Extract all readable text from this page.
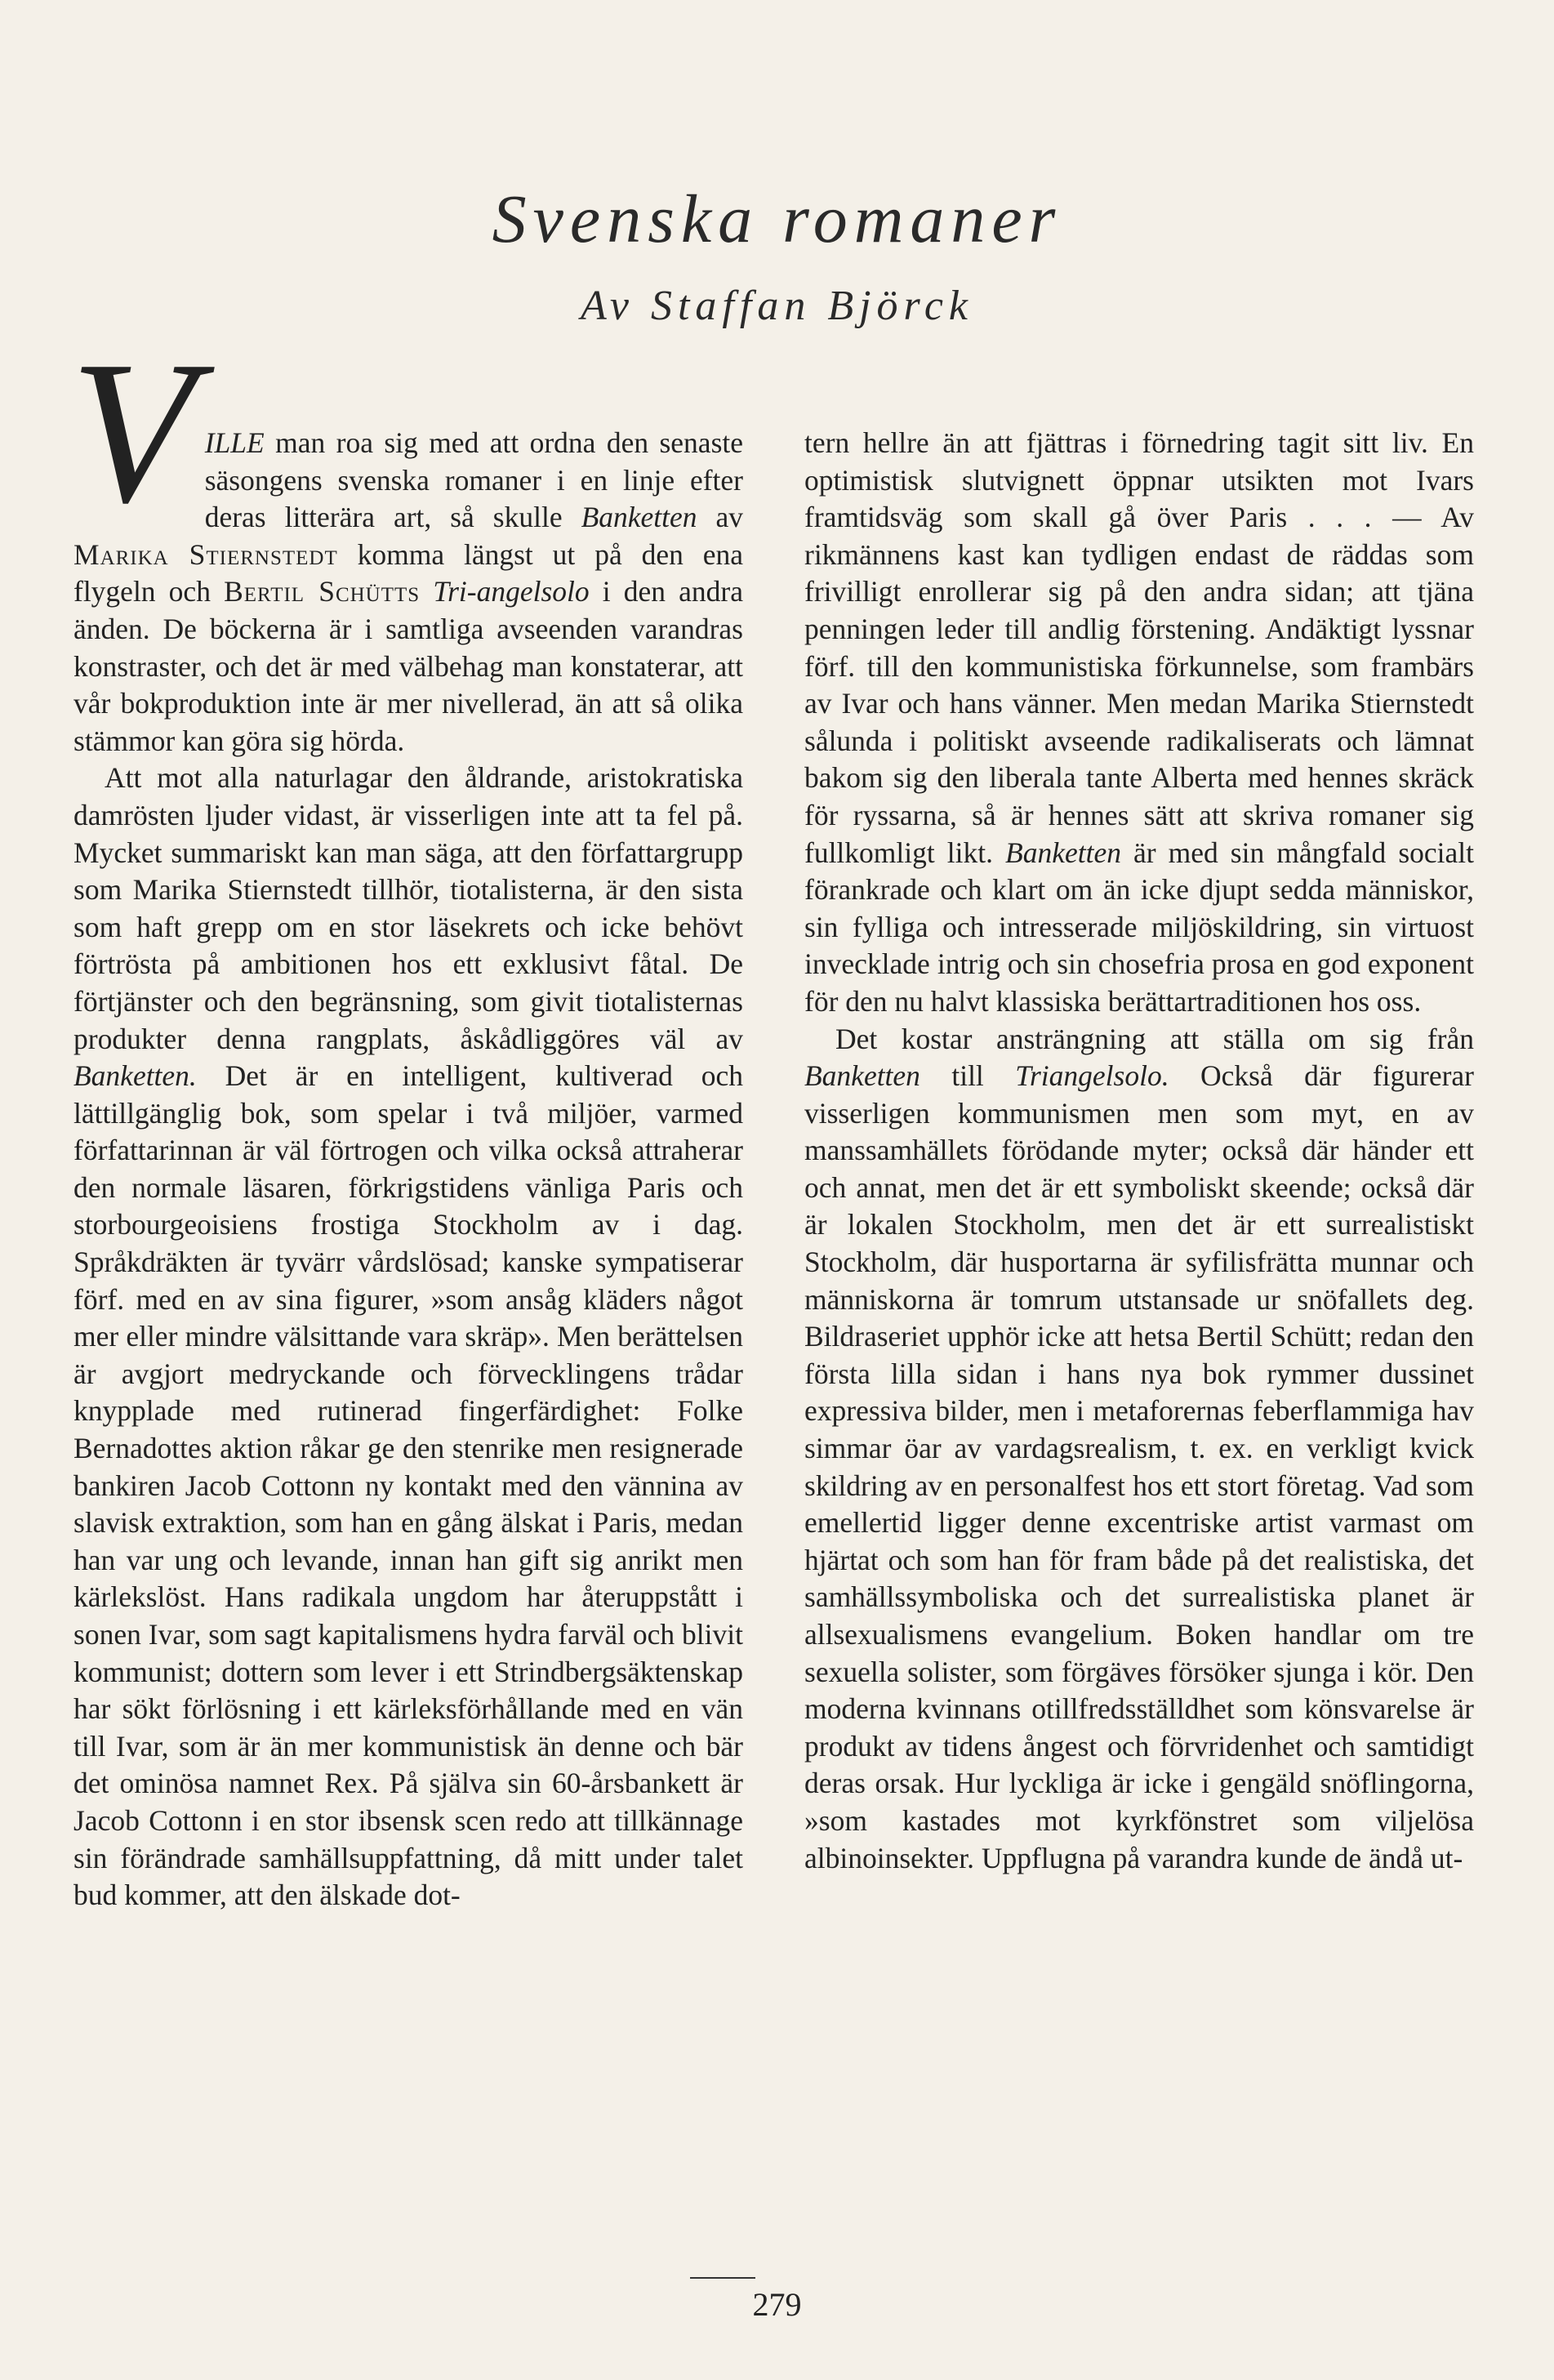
Svenska romaner
Av Staffan Björck

VILLE man roa sig med att ordna den senaste säsongens svenska romaner i en linje efter deras litterära art, så skulle Banketten av Marika Stiernstedt komma längst ut på den ena flygeln och Bertil Schütts Tri-angelsolo i den andra änden. De böckerna är i samtliga avseenden varandras konstraster, och det är med välbehag man konstaterar, att vår bokproduktion inte är mer nivellerad, än att så olika stämmor kan göra sig hörda.

Att mot alla naturlagar den åldrande, aristokratiska damrösten ljuder vidast, är visserligen inte att ta fel på. Mycket summariskt kan man säga, att den författargrupp som Marika Stiernstedt tillhör, tiotalisterna, är den sista som haft grepp om en stor läsekrets och icke behövt förtrösta på ambitionen hos ett exklusivt fåtal. De förtjänster och den begränsning, som givit tiotalisternas produkter denna rangplats, åskådliggöres väl av Banketten. Det är en intelligent, kultiverad och lättillgänglig bok, som spelar i två miljöer, varmed författarinnan är väl förtrogen och vilka också attraherar den normale läsaren, förkrigstidens vänliga Paris och storbourgeoisiens frostiga Stockholm av i dag. Språkdräkten är tyvärr vårdslösad; kanske sympatiserar förf. med en av sina figurer, »som ansåg kläders något mer eller mindre välsittande vara skräp». Men berättelsen är avgjort medryckande och förvecklingens trådar knypplade med rutinerad fingerfärdighet: Folke Bernadottes aktion råkar ge den stenrike men resignerade bankiren Jacob Cottonn ny kontakt med den vännina av slavisk extraktion, som han en gång älskat i Paris, medan han var ung och levande, innan han gift sig anrikt men kärlekslöst. Hans radikala ungdom har återuppstått i sonen Ivar, som sagt kapitalismens hydra farväl och blivit kommunist; dottern som lever i ett Strindbergsäktenskap har sökt förlösning i ett kärleksförhållande med en vän till Ivar, som är än mer kommunistisk än denne och bär det ominösa namnet Rex. På själva sin 60-årsbankett är Jacob Cottonn i en stor ibsensk scen redo att tillkännage sin förändrade samhällsuppfattning, då mitt under talet bud kommer, att den älskade dot-

tern hellre än att fjättras i förnedring tagit sitt liv. En optimistisk slutvignett öppnar utsikten mot Ivars framtidsväg som skall gå över Paris . . . — Av rikmännens kast kan tydligen endast de räddas som frivilligt enrollerar sig på den andra sidan; att tjäna penningen leder till andlig förstening. Andäktigt lyssnar förf. till den kommunistiska förkunnelse, som frambärs av Ivar och hans vänner. Men medan Marika Stiernstedt sålunda i politiskt avseende radikaliserats och lämnat bakom sig den liberala tante Alberta med hennes skräck för ryssarna, så är hennes sätt att skriva romaner sig fullkomligt likt. Banketten är med sin mångfald socialt förankrade och klart om än icke djupt sedda människor, sin fylliga och intresserade miljöskildring, sin virtuost invecklade intrig och sin chosefria prosa en god exponent för den nu halvt klassiska berättartraditionen hos oss.

Det kostar ansträngning att ställa om sig från Banketten till Triangelsolo. Också där figurerar visserligen kommunismen men som myt, en av manssamhällets förödande myter; också där händer ett och annat, men det är ett symboliskt skeende; också där är lokalen Stockholm, men det är ett surrealistiskt Stockholm, där husportarna är syfilisfrätta munnar och människorna är tomrum utstansade ur snöfallets deg. Bildraseriet upphör icke att hetsa Bertil Schütt; redan den första lilla sidan i hans nya bok rymmer dussinet expressiva bilder, men i metaforernas feberflammiga hav simmar öar av vardagsrealism, t. ex. en verkligt kvick skildring av en personalfest hos ett stort företag. Vad som emellertid ligger denne excentriske artist varmast om hjärtat och som han för fram både på det realistiska, det samhällssymboliska och det surrealistiska planet är allsexualismens evangelium. Boken handlar om tre sexuella solister, som förgäves försöker sjunga i kör. Den moderna kvinnans otillfredsställdhet som könsvarelse är produkt av tidens ångest och förvridenhet och samtidigt deras orsak. Hur lyckliga är icke i gengäld snöflingorna, »som kastades mot kyrkfönstret som viljelösa albinoinsekter. Uppflugna på varandra kunde de ändå ut-

279
